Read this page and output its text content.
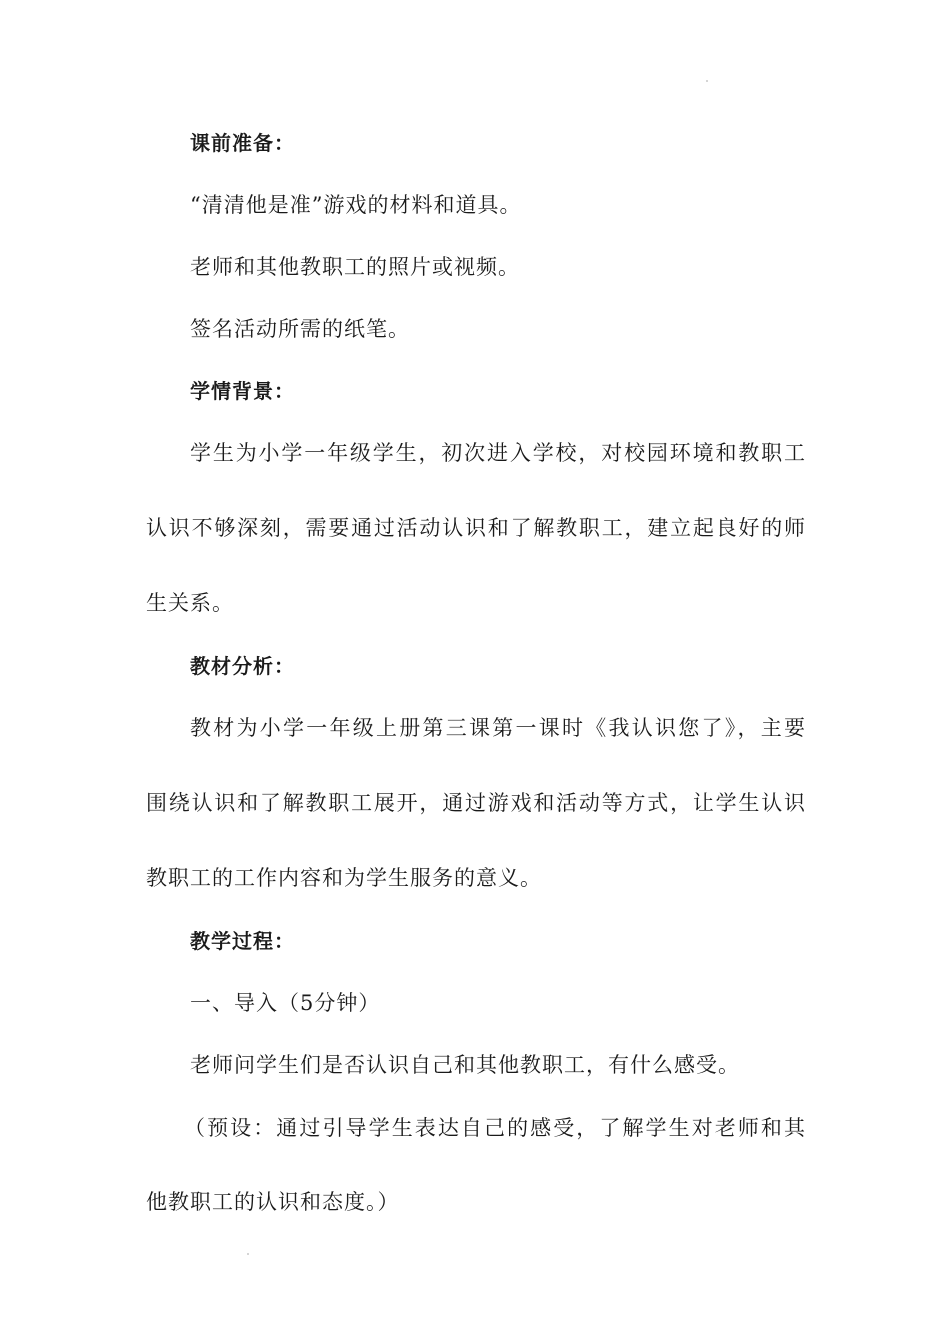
课前准备：
“清清他是准”游戏的材料和道具。
老师和其他教职工的照片或视频。
签名活动所需的纸笔。
学情背景：
学生为小学一年级学生，初次进入学校，对校园环境和教职工
认识不够深刻，需要通过活动认识和了解教职工，建立起良好的师
生关系。
教材分析：
教材为小学一年级上册第三课第一课时《我认识您了》，主要
围绕认识和了解教职工展开，通过游戏和活动等方式，让学生认识
教职工的工作内容和为学生服务的意义。
教学过程：
一、导入（5分钟）
老师问学生们是否认识自己和其他教职工，有什么感受。
（预设：通过引导学生表达自己的感受，了解学生对老师和其
他教职工的认识和态度。）
